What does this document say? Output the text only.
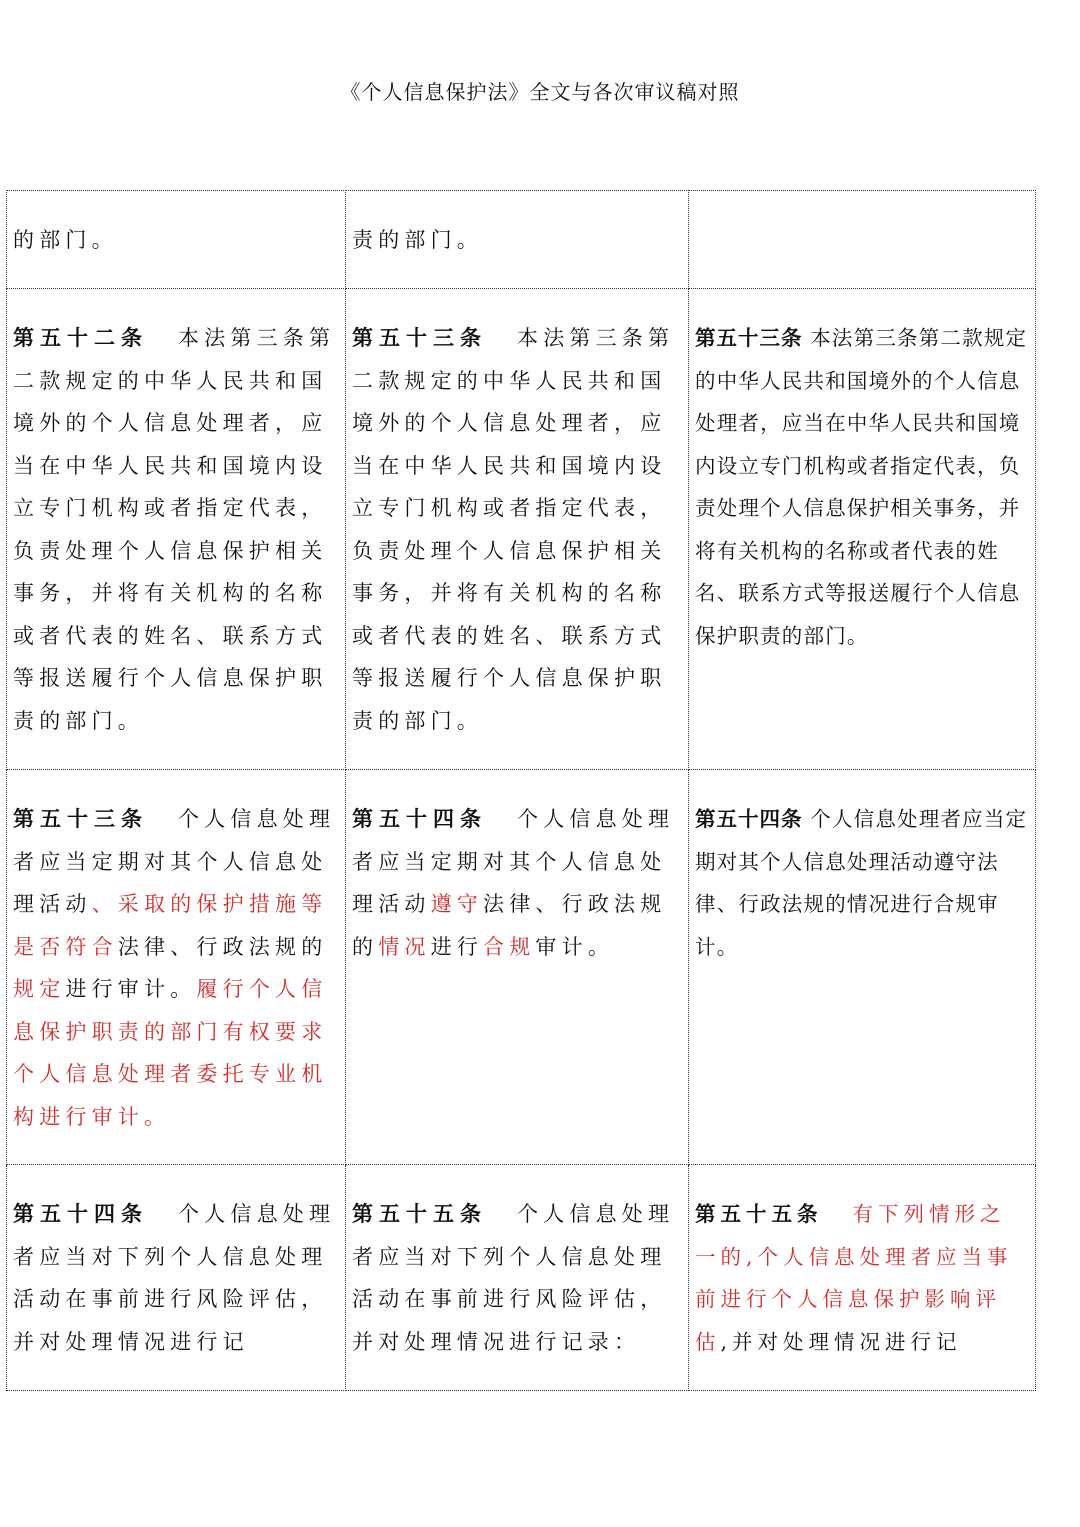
《个人信息保护法》全文与各次审议稿对照
的部门。	责的部门。	

第五十二条 本法第三条第二款规定的中华人民共和国境外的个人信息处理者，应当在中华人民共和国境内设立专门机构或者指定代表，负责处理个人信息保护相关事务，并将有关机构的名称或者代表的姓名、联系方式等报送履行个人信息保护职责的部门。	第五十三条 本法第三条第二款规定的中华人民共和国境外的个人信息处理者，应当在中华人民共和国境内设立专门机构或者指定代表，负责处理个人信息保护相关事务，并将有关机构的名称或者代表的姓名、联系方式等报送履行个人信息保护职责的部门。	第五十三条 本法第三条第二款规定的中华人民共和国境外的个人信息处理者，应当在中华人民共和国境内设立专门机构或者指定代表，负责处理个人信息保护相关事务，并将有关机构的名称或者代表的姓名、联系方式等报送履行个人信息保护职责的部门。

第五十三条 个人信息处理者应当定期对其个人信息处理活动、采取的保护措施等是否符合法律、行政法规的规定进行审计。履行个人信息保护职责的部门有权要求个人信息处理者委托专业机构进行审计。	第五十四条 个人信息处理者应当定期对其个人信息处理活动遵守法律、行政法规的情况进行合规审计。	第五十四条 个人信息处理者应当定期对其个人信息处理活动遵守法律、行政法规的情况进行合规审计。

第五十四条 个人信息处理者应当对下列个人信息处理活动在事前进行风险评估，并对处理情况进行记	第五十五条 个人信息处理者应当对下列个人信息处理活动在事前进行风险评估，并对处理情况进行记录：	第五十五条 有下列情形之一的,个人信息处理者应当事前进行个人信息保护影响评估,并对处理情况进行记
